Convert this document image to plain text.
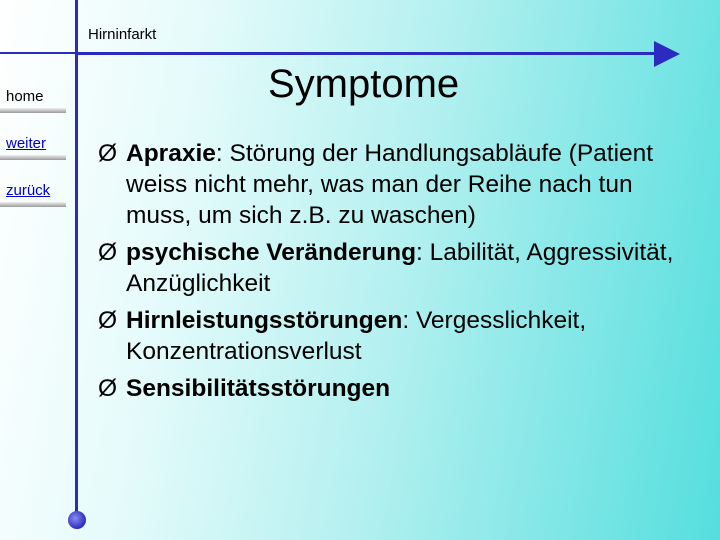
Hirninfarkt
home
weiter
zurück
Symptome
Ø Apraxie: Störung der Handlungsabläufe (Patient weiss nicht mehr, was man der Reihe nach tun muss, um sich z.B. zu waschen)
Ø psychische Veränderung: Labilität, Aggressivität, Anzüglichkeit
Ø Hirnleistungsstörungen: Vergesslichkeit, Konzentrationsverlust
Ø Sensibilitätsstörungen
